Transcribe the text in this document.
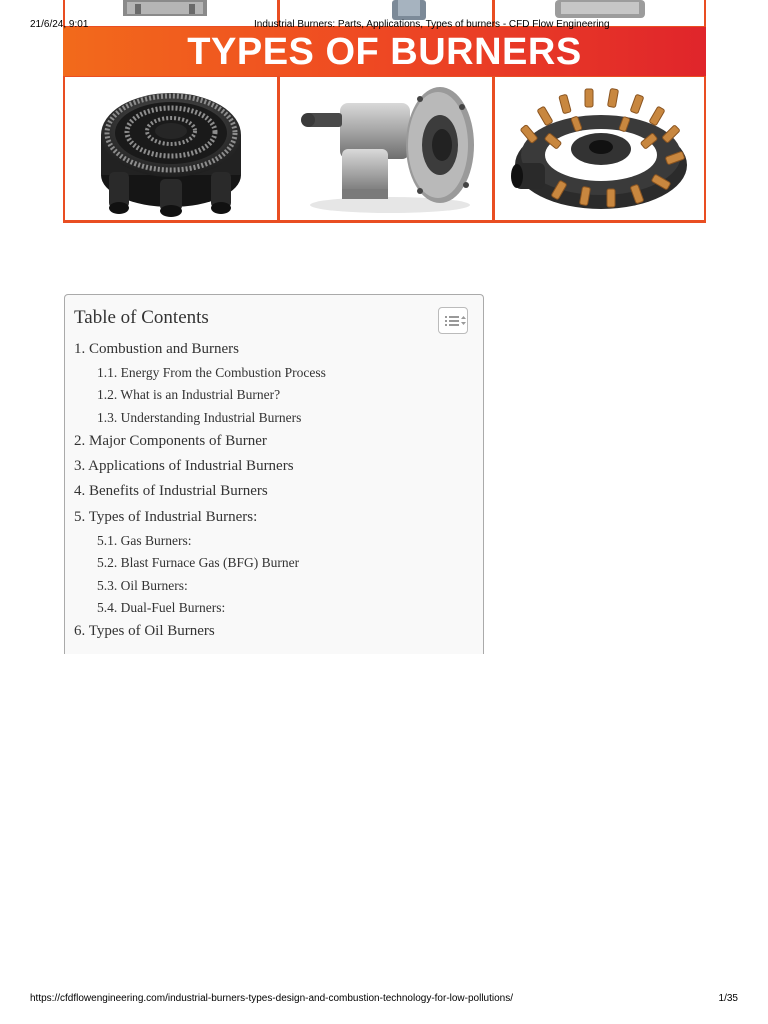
21/6/24, 9:01	Industrial Burners: Parts, Applications, Types of burners - CFD Flow Engineering
TYPES OF BURNERS
Table of Contents
1. Combustion and Burners
1.1. Energy From the Combustion Process
1.2. What is an Industrial Burner?
1.3. Understanding Industrial Burners
2. Major Components of Burner
3. Applications of Industrial Burners
4. Benefits of Industrial Burners
5. Types of Industrial Burners:
5.1. Gas Burners:
5.2. Blast Furnace Gas (BFG) Burner
5.3. Oil Burners:
5.4. Dual-Fuel Burners:
6. Types of Oil Burners
https://cfdflowengineering.com/industrial-burners-types-design-and-combustion-technology-for-low-pollutions/	1/35
